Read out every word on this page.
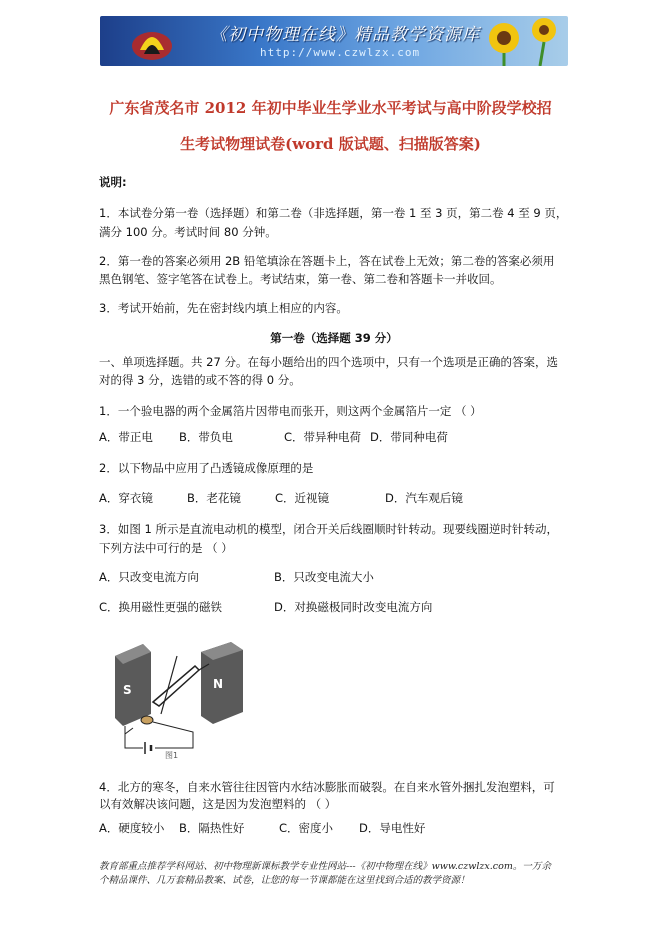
《初中物理在线》精品教学资源库
http://www.czwlzx.com
广东省茂名市 2012 年初中毕业生学业水平考试与高中阶段学校招
生考试物理试卷(word 版试题、扫描版答案)
说明:
1．本试卷分第一卷（选择题）和第二卷（非选择题，第一卷 1 至 3 页，第二卷 4 至 9 页，
满分 100 分。考试时间 80 分钟。
2．第一卷的答案必须用 2B 铅笔填涂在答题卡上，答在试卷上无效；第二卷的答案必须用
黑色钢笔、签字笔答在试卷上。考试结束，第一卷、第二卷和答题卡一并收回。
3．考试开始前，先在密封线内填上相应的内容。
第一卷（选择题 39 分）
一、单项选择题。共 27 分。在每小题给出的四个选项中，只有一个选项是正确的答案，选
对的得 3 分，选错的或不答的得 0 分。
1．一个验电器的两个金属箔片因带电而张开，则这两个金属箔片一定 （ ）
A．带正电 B．带负电	C．带异种电荷 D．带同种电荷
2．以下物品中应用了凸透镜成像原理的是
A．穿衣镜	B．老花镜	C．近视镜	D．汽车观后镜
3．如图 1 所示是直流电动机的模型，闭合开关后线圈顺时针转动。现要线圈逆时针转动，
下列方法中可行的是 （ ）
A．只改变电流方向	B．只改变电流大小
C．换用磁性更强的磁铁	D．对换磁极同时改变电流方向
S	N
图1
4．北方的寒冬，自来水管往往因管内水结冰膨胀而破裂。在自来水管外捆扎发泡塑料，可
以有效解决该问题，这是因为发泡塑料的 （ ）
A．硬度较小 B．隔热性好	C．密度小 D．导电性好
教育部重点推荐学科网站、初中物理新课标教学专业性网站---《初中物理在线》www.czwlzx.com。一万余
个精品课件、几万套精品教案、试卷，让您的每一节课都能在这里找到合适的教学资源！
